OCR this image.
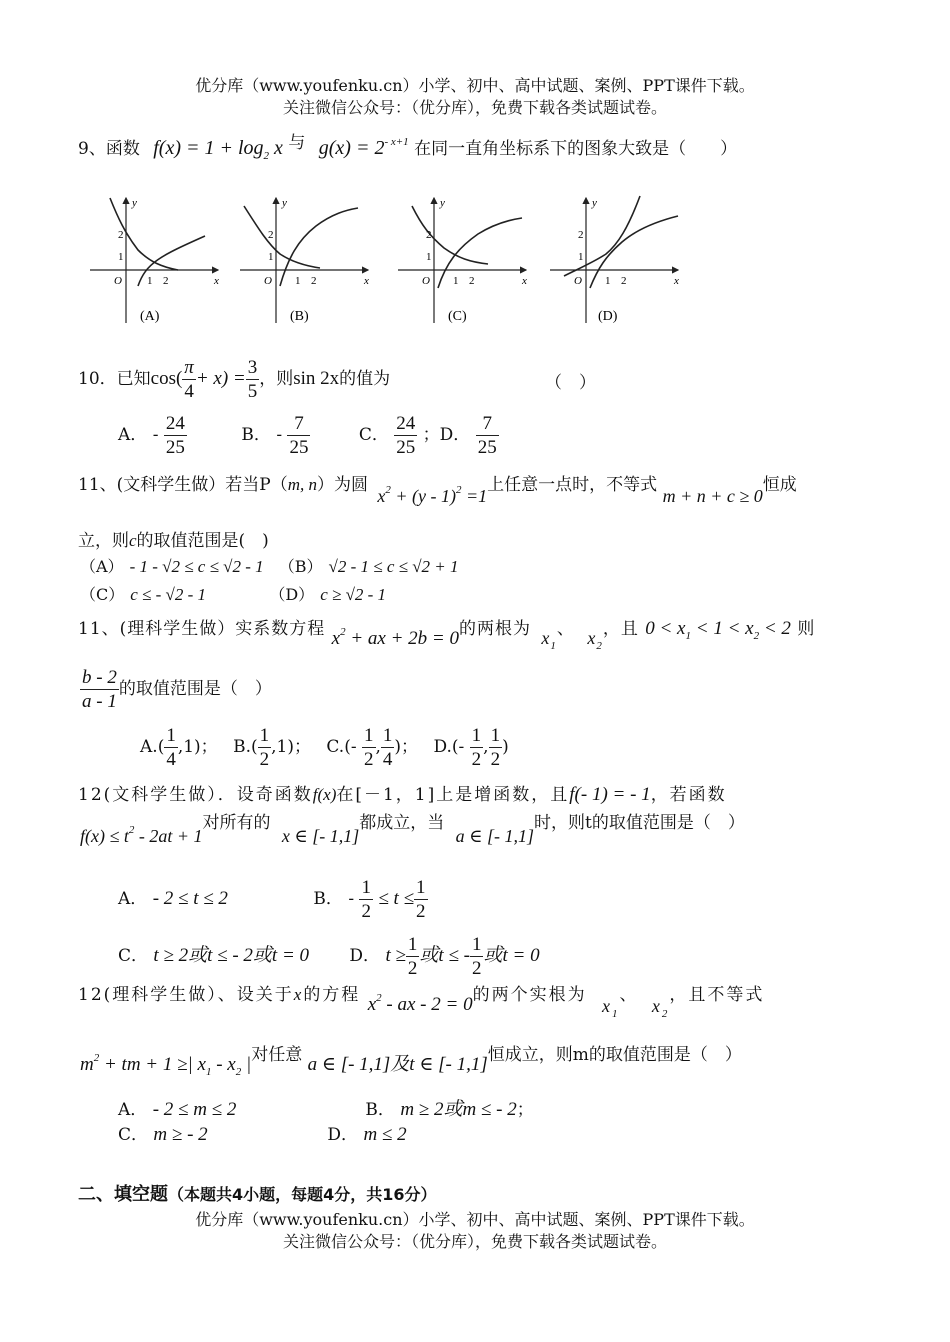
优分库（www.youfenku.cn）小学、初中、高中试题、案例、PPT课件下载。
关注微信公众号：（优分库），免费下载各类试题试卷。
9、函数 $f(x) = 1 + \log_2 x$ 与 $g(x) = 2^{- x+1}$ 在同一直角坐标系下的图象大致是（　　）
y
x
O
1
2
1 2
(A)
y
x
O
1
2
1 2
(B)
y
x
O
1
2
1 2
(C)
y
x
O
1
2
1 2
(D)
10．已知$\cos( \frac{\pi}{4} + x) = \frac{3}{5}$ ，则sin 2x的值为	（　）
A． - $\frac{24}{25}$	B． - $\frac{7}{25}$	C． $\frac{24}{25}$ ；D． $\frac{7}{25}$
11、(文科学生做）若当P（m, n）为圆 $x^2 + (y - 1)^2 =1$上任意一点时，不等式 m + n + c ≥ 0恒成
立，则c的取值范围是(　)
（A） - 1 - √2 ≤ c ≤ √2 - 1 （B） √2 - 1 ≤ c ≤ √2 + 1
（C） c ≤ - √2 - 1	（D） c ≥ √2 - 1
11、(理科学生做）实系数方程 $x^2$ + ax + 2b = 0的两根为 $x_1$、 $x_2$，且 $0 < x_1 < 1 < x_2 < 2$ 则
$\frac{b - 2}{a - 1}$ 的取值范围是（　）
$A.( \frac{1}{4} ,1)$； $B.( \frac{1}{2} ,1)$； $C.(- \frac{1}{2}$ , $\frac{1}{4}$ )； $D.(- \frac{1}{2}$ , $\frac{1}{2}$ )
12(文科学生做）．设奇函数f(x)在[－1，1]上是增函数，且f(- 1) = - 1，若函数
$f(x) \le t^2 - 2at + 1$对所有的 x ∈ [- 1,1]都成立，当 a ∈ [- 1,1]时，则t的取值范围是（　）
A． - 2 ≤ t ≤ 2	B． - $\frac{1}{2} \le t \le \frac{1}{2}$
C． t ≥ 2或t ≤ - 2或t = 0 D． $t \ge \frac{1}{2}$ 或t ≤ - $\frac{1}{2}$ 或t = 0
12(理科学生做）、设关于x的方程 $x^2$ - ax - 2 = 0的两个实根为 $x_1$、 $x_2$，且不等式
$m^2$ + tm + 1 ≥| $x_1 - x_2$ |对任意 a ∈ [- 1,1]及t ∈ [- 1,1]恒成立，则m的取值范围是（　）
A． - 2 ≤ m ≤ 2	B． m ≥ 2或m ≤ - 2；
C． m ≥ - 2	D． m ≤ 2
二、填空题（本题共4小题，每题4分，共16分）
优分库（www.youfenku.cn）小学、初中、高中试题、案例、PPT课件下载。
关注微信公众号：（优分库），免费下载各类试题试卷。
